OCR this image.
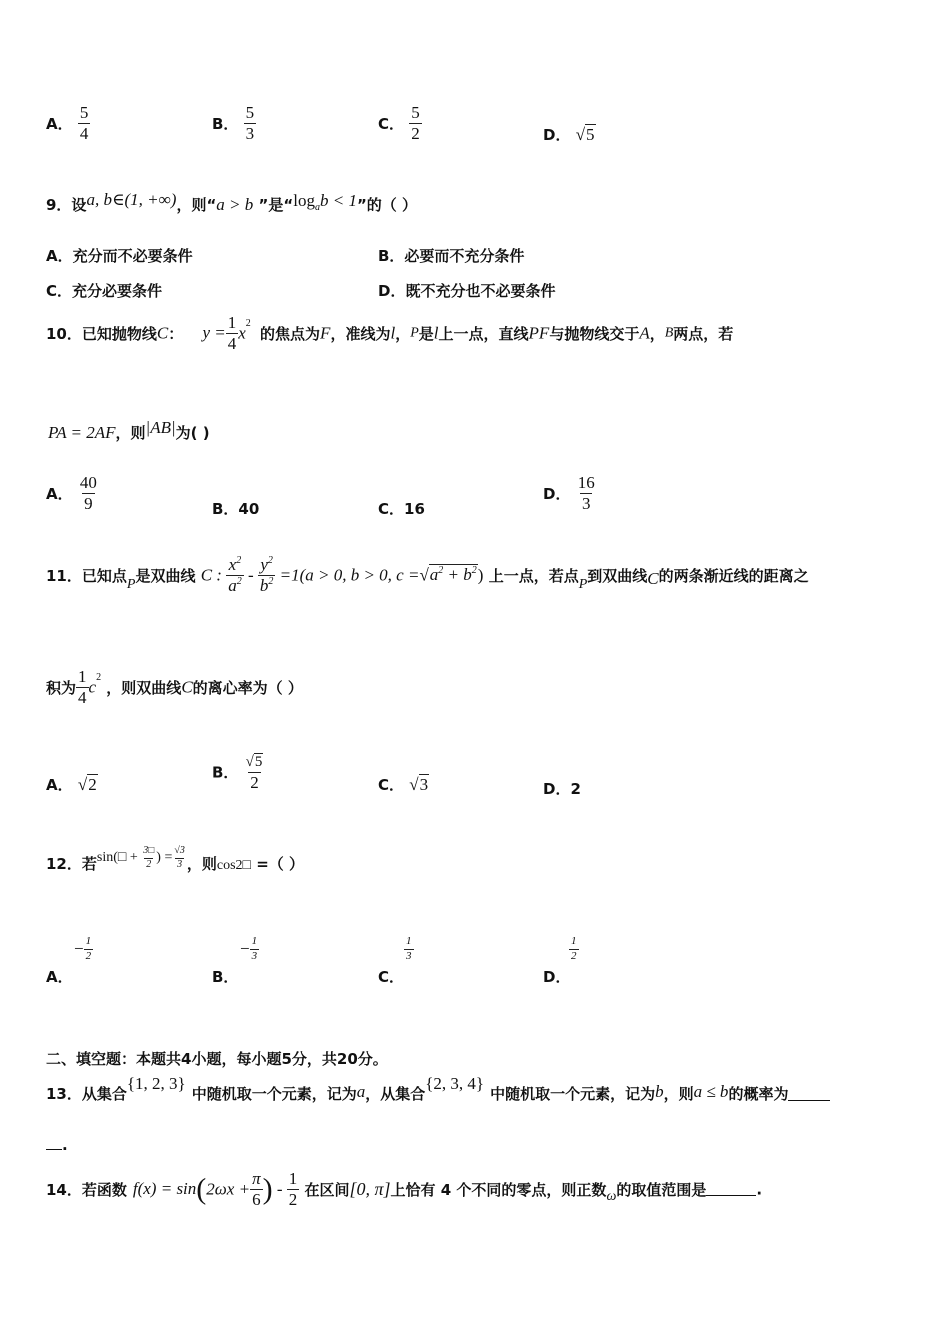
A． $\frac{5}{4}$	B． $\frac{5}{3}$	C． $\frac{5}{2}$	D． √5
9．设a, b∈(1, +∞)，则“a > b ”是“$\log_ab < 1$”的（ ）
A．充分而不必要条件	B．必要而不充分条件
C．充分必要条件	D．既不充分也不必要条件
10．已知抛物线C： $y = \frac{1}{4} x^2$ 的焦点为F，准线为l，P是l上一点，直线PF与抛物线交于A，B两点，若
PA = 2AF，则|AB|为( )
A． $\frac{40}{9}$	B．40	C．16
D． $\frac{16}{3}$
11．已知点P是双曲线 C : $\frac{x^2}{a^2} - \frac{y^2}{b^2} =1(a > 0$, b > 0, $c =√a^2 + b^2$) 上一点，若点P到双曲线C的两条渐近线的距离之
积为 $\frac{1}{4} c^2$ ，则双曲线C的离心率为（ ）
A． √2
B． $\frac{√5}{2}$	C． √3	D．2
12．若sin(□ + $\frac{3□}{2}$ ) = $\frac{√3}{3}$ ，则cos2□ =（ ）
− $\frac{1}{2}$
A．
− $\frac{1}{3}$
B．
$\frac{1}{3}$
C．
$\frac{1}{2}$
D．
二、填空题：本题共4小题，每小题5分，共20分。
13．从集合{1, 2, 3}中随机取一个元素，记为a，从集合{2, 3, 4}中随机取一个元素，记为b，则a ≤ b的概率为
.
14．若函数 $f(x) = \sin(2\omega x + \frac{\pi}{6}$ ) - $\frac{1}{2}$ 在区间[0, π]上恰有 4 个不同的零点，则正数ω的取值范围是	.
